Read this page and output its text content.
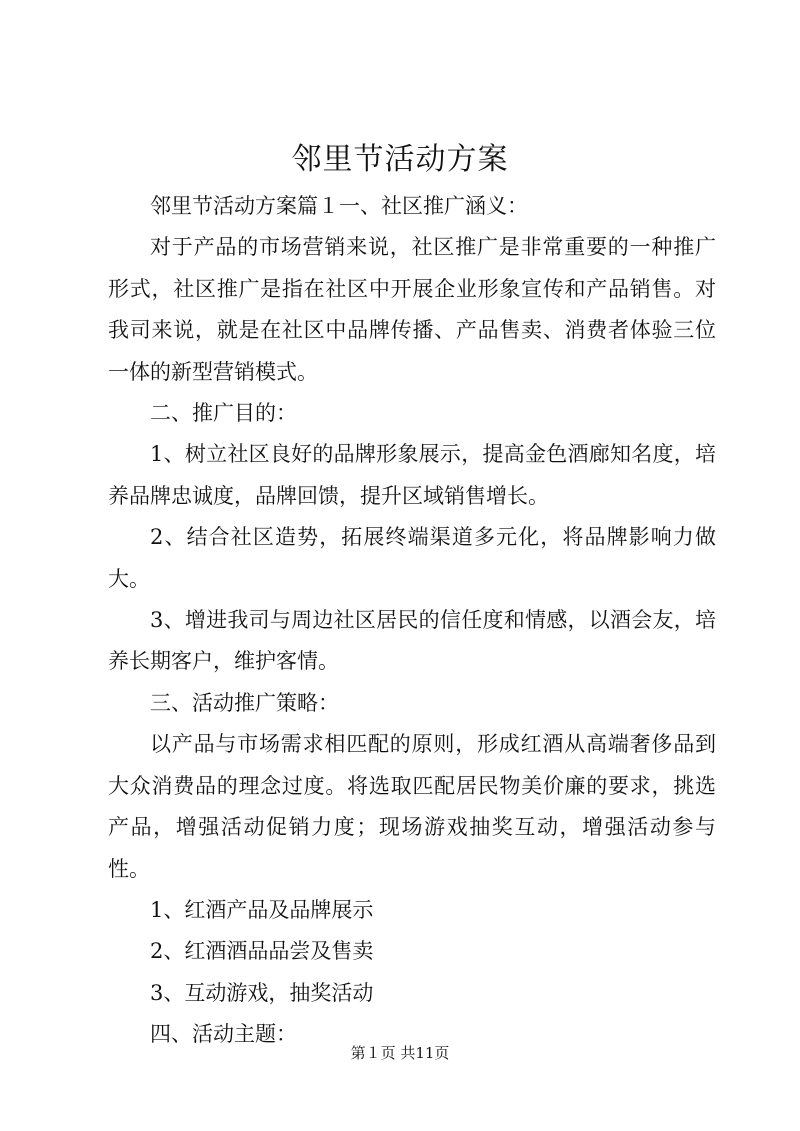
邻里节活动方案

邻里节活动方案篇１一、社区推广涵义：

对于产品的市场营销来说，社区推广是非常重要的一种推广形式，社区推广是指在社区中开展企业形象宣传和产品销售。对我司来说，就是在社区中品牌传播、产品售卖、消费者体验三位一体的新型营销模式。

二、推广目的：

1、树立社区良好的品牌形象展示，提高金色酒廊知名度，培养品牌忠诚度，品牌回馈，提升区域销售增长。

2、结合社区造势，拓展终端渠道多元化，将品牌影响力做大。

3、增进我司与周边社区居民的信任度和情感，以酒会友，培养长期客户，维护客情。

三、活动推广策略：

以产品与市场需求相匹配的原则，形成红酒从高端奢侈品到大众消费品的理念过度。将选取匹配居民物美价廉的要求，挑选产品，增强活动促销力度；现场游戏抽奖互动，增强活动参与性。

1、红酒产品及品牌展示

2、红酒酒品品尝及售卖

3、互动游戏，抽奖活动

四、活动主题：

第１页 共11页
